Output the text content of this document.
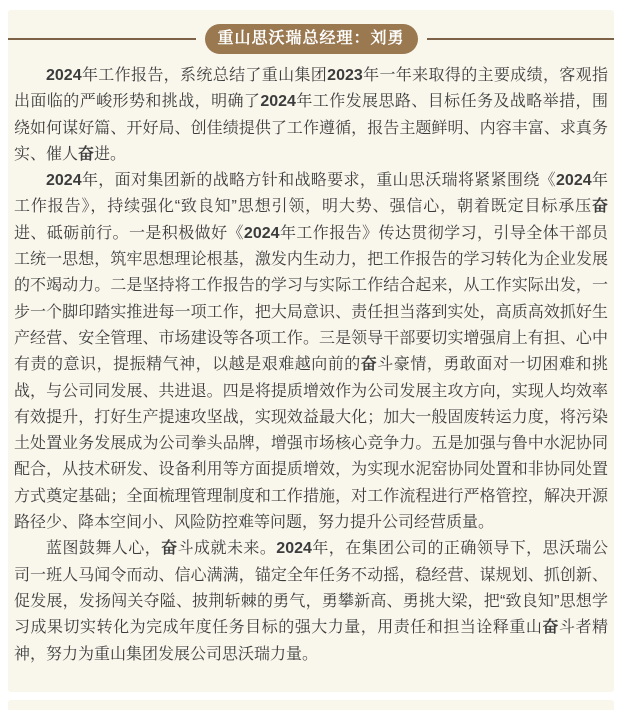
重山思沃瑞总经理：刘勇

2024年工作报告，系统总结了重山集团2023年一年来取得的主要成绩，客观指出面临的严峻形势和挑战，明确了2024年工作发展思路、目标任务及战略举措，围绕如何谋好篇、开好局、创佳绩提供了工作遵循，报告主题鲜明、内容丰富、求真务实、催人奋进。

2024年，面对集团新的战略方针和战略要求，重山思沃瑞将紧紧围绕《2024年工作报告》，持续强化“致良知”思想引领，明大势、强信心，朝着既定目标承压奋进、砥砺前行。一是积极做好《2024年工作报告》传达贯彻学习，引导全体干部员工统一思想，筑牢思想理论根基，激发内生动力，把工作报告的学习转化为企业发展的不竭动力。二是坚持将工作报告的学习与实际工作结合起来，从工作实际出发，一步一个脚印踏实推进每一项工作，把大局意识、责任担当落到实处，高质高效抓好生产经营、安全管理、市场建设等各项工作。三是领导干部要切实增强肩上有担、心中有责的意识，提振精气神，以越是艰难越向前的奋斗豪情，勇敢面对一切困难和挑战，与公司同发展、共进退。四是将提质增效作为公司发展主攻方向，实现人均效率有效提升，打好生产提速攻坚战，实现效益最大化；加大一般固废转运力度，将污染土处置业务发展成为公司拳头品牌，增强市场核心竞争力。五是加强与鲁中水泥协同配合，从技术研发、设备利用等方面提质增效，为实现水泥窑协同处置和非协同处置方式奠定基础；全面梳理管理制度和工作措施，对工作流程进行严格管控，解决开源路径少、降本空间小、风险防控难等问题，努力提升公司经营质量。

蓝图鼓舞人心，奋斗成就未来。2024年，在集团公司的正确领导下，思沃瑞公司一班人马闻令而动、信心满满，锚定全年任务不动摇，稳经营、谋规划、抓创新、促发展，发扬闯关夺隘、披荆斩棘的勇气，勇攀新高、勇挑大梁，把“致良知”思想学习成果切实转化为完成年度任务目标的强大力量，用责任和担当诠释重山奋斗者精神，努力为重山集团发展公司思沃瑞力量。
